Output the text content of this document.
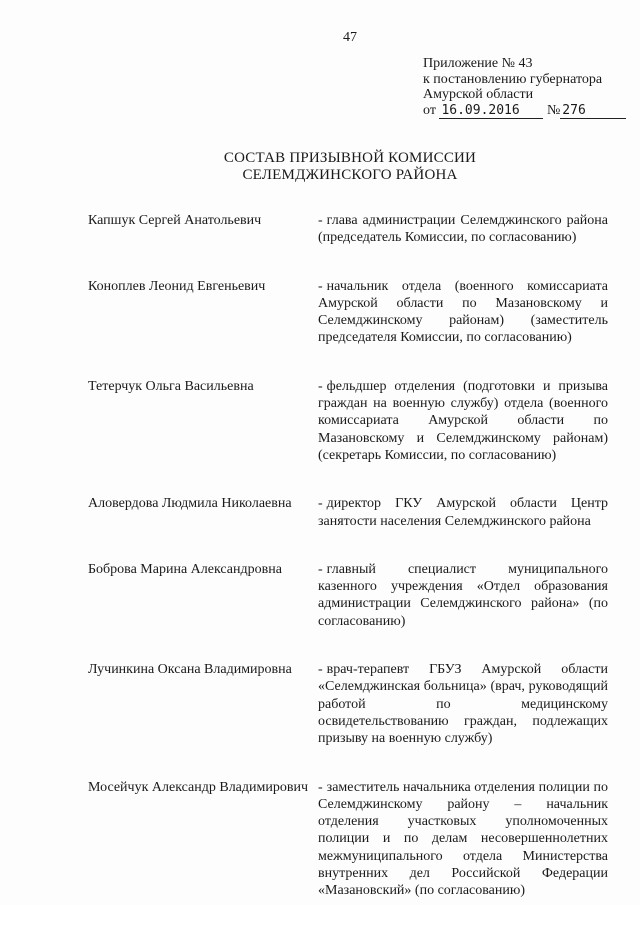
47
Приложение № 43
к постановлению губернатора
Амурской области
от 16.09.2016 № 276
СОСТАВ ПРИЗЫВНОЙ КОМИССИИ
СЕЛЕМДЖИНСКОГО РАЙОНА
Капшук Сергей Анатольевич	- глава администрации Селемджинского района (председатель Комиссии, по согласованию)
Коноплев Леонид Евгеньевич	- начальник отдела (военного комиссариата Амурской области по Мазановскому и Селемджинскому районам) (заместитель председателя Комиссии, по согласованию)
Тетерчук Ольга Васильевна	- фельдшер отделения (подготовки и призыва граждан на военную службу) отдела (военного комиссариата Амурской области по Мазановскому и Селемджинскому районам) (секретарь Комиссии, по согласованию)
Аловердова Людмила Николаевна	- директор ГКУ Амурской области Центр занятости населения Селемджинского района
Боброва Марина Александровна	- главный специалист муниципального казенного учреждения «Отдел образования администрации Селемджинского района» (по согласованию)
Лучинкина Оксана Владимировна	- врач-терапевт ГБУЗ Амурской области «Селемджинская больница» (врач, руководящий работой по медицинскому освидетельствованию граждан, подлежащих призыву на военную службу)
Мосейчук Александр Владимирович - заместитель начальника отделения полиции по Селемджинскому району – начальник отделения участковых уполномоченных полиции и по делам несовершеннолетних межмуниципального отдела Министерства внутренних дел Российской Федерации «Мазановский» (по согласованию)
